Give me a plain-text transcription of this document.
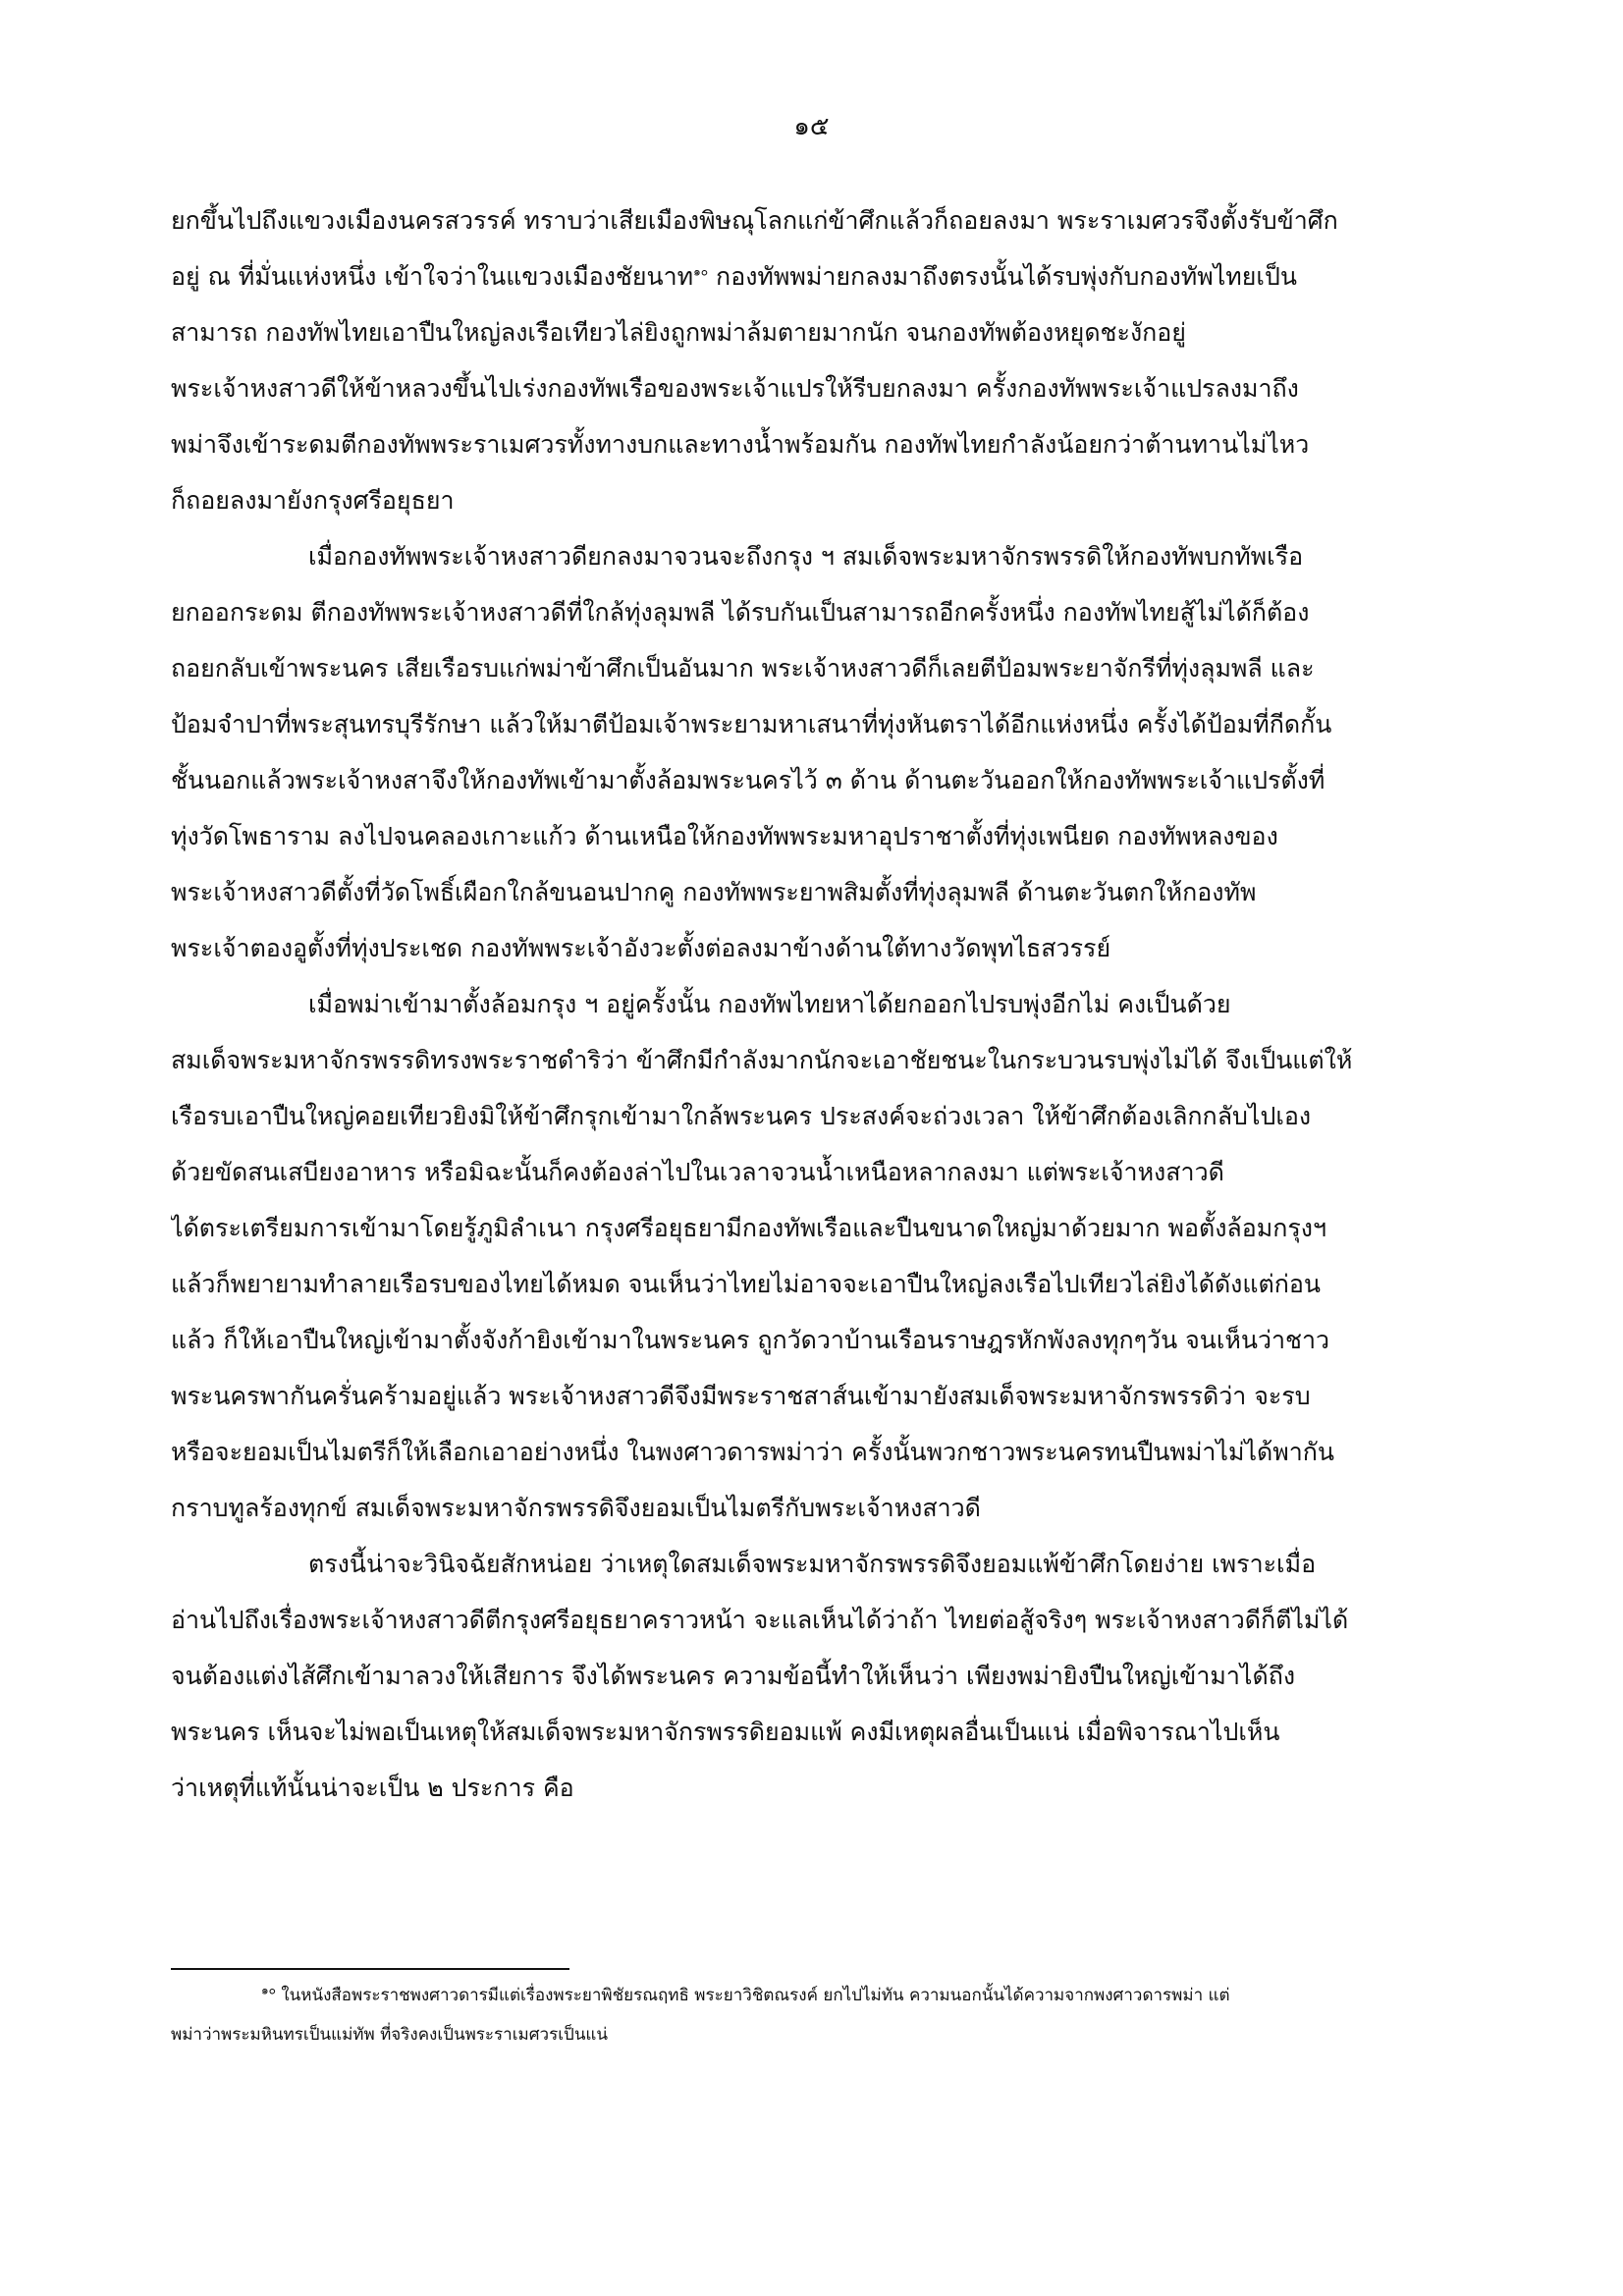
๑๕
ยกขึ้นไปถึงแขวงเมืองนครสวรรค์ ทราบว่าเสียเมืองพิษณุโลกแก่ข้าศึกแล้วก็ถอยลงมา พระราเมศวรจึงตั้งรับข้าศึก
อยู่ ณ ที่มั่นแห่งหนึ่ง เข้าใจว่าในแขวงเมืองชัยนาท$^{๑๐}$ กองทัพพม่ายกลงมาถึงตรงนั้นได้รบพุ่งกับกองทัพไทยเป็น
สามารถ กองทัพไทยเอาปืนใหญ่ลงเรือเทียวไล่ยิงถูกพม่าล้มตายมากนัก จนกองทัพต้องหยุดชะงักอยู่
พระเจ้าหงสาวดีให้ข้าหลวงขึ้นไปเร่งกองทัพเรือของพระเจ้าแปรให้รีบยกลงมา ครั้งกองทัพพระเจ้าแปรลงมาถึง
พม่าจึงเข้าระดมตีกองทัพพระราเมศวรทั้งทางบกและทางน้ำพร้อมกัน กองทัพไทยกำลังน้อยกว่าต้านทานไม่ไหว
ก็ถอยลงมายังกรุงศรีอยุธยา
เมื่อกองทัพพระเจ้าหงสาวดียกลงมาจวนจะถึงกรุง ฯ สมเด็จพระมหาจักรพรรดิให้กองทัพบกทัพเรือ
ยกออกระดม ตีกองทัพพระเจ้าหงสาวดีที่ใกล้ทุ่งลุมพลี ได้รบกันเป็นสามารถอีกครั้งหนึ่ง กองทัพไทยสู้ไม่ได้ก็ต้อง
ถอยกลับเข้าพระนคร เสียเรือรบแก่พม่าข้าศึกเป็นอันมาก พระเจ้าหงสาวดีก็เลยตีป้อมพระยาจักรีที่ทุ่งลุมพลี และ
ป้อมจำปาที่พระสุนทรบุรีรักษา แล้วให้มาตีป้อมเจ้าพระยามหาเสนาที่ทุ่งหันตราได้อีกแห่งหนึ่ง ครั้งได้ป้อมที่กีดกั้น
ชั้นนอกแล้วพระเจ้าหงสาจึงให้กองทัพเข้ามาตั้งล้อมพระนครไว้ ๓ ด้าน ด้านตะวันออกให้กองทัพพระเจ้าแปรตั้งที่
ทุ่งวัดโพธาราม ลงไปจนคลองเกาะแก้ว ด้านเหนือให้กองทัพพระมหาอุปราชาตั้งที่ทุ่งเพนียด กองทัพหลงของ
พระเจ้าหงสาวดีตั้งที่วัดโพธิ์เผือกใกล้ขนอนปากคู กองทัพพระยาพสิมตั้งที่ทุ่งลุมพลี ด้านตะวันตกให้กองทัพ
พระเจ้าตองอูตั้งที่ทุ่งประเชด กองทัพพระเจ้าอังวะตั้งต่อลงมาข้างด้านใต้ทางวัดพุทไธสวรรย์
เมื่อพม่าเข้ามาตั้งล้อมกรุง ฯ อยู่ครั้งนั้น กองทัพไทยหาได้ยกออกไปรบพุ่งอีกไม่ คงเป็นด้วย
สมเด็จพระมหาจักรพรรดิทรงพระราชดำริว่า ข้าศึกมีกำลังมากนักจะเอาชัยชนะในกระบวนรบพุ่งไม่ได้ จึงเป็นแต่ให้
เรือรบเอาปืนใหญ่คอยเทียวยิงมิให้ข้าศึกรุกเข้ามาใกล้พระนคร ประสงค์จะถ่วงเวลา ให้ข้าศึกต้องเลิกกลับไปเอง
ด้วยขัดสนเสบียงอาหาร หรือมิฉะนั้นก็คงต้องล่าไปในเวลาจวนน้ำเหนือหลากลงมา แต่พระเจ้าหงสาวดี
ได้ตระเตรียมการเข้ามาโดยรู้ภูมิลำเนา กรุงศรีอยุธยามีกองทัพเรือและปืนขนาดใหญ่มาด้วยมาก พอตั้งล้อมกรุงฯ
แล้วก็พยายามทำลายเรือรบของไทยได้หมด จนเห็นว่าไทยไม่อาจจะเอาปืนใหญ่ลงเรือไปเทียวไล่ยิงได้ดังแต่ก่อน
แล้ว ก็ให้เอาปืนใหญ่เข้ามาตั้งจังก้ายิงเข้ามาในพระนคร ถูกวัดวาบ้านเรือนราษฎรหักพังลงทุกๆวัน จนเห็นว่าชาว
พระนครพากันครั่นคร้ามอยู่แล้ว พระเจ้าหงสาวดีจึงมีพระราชสาส์นเข้ามายังสมเด็จพระมหาจักรพรรดิว่า จะรบ
หรือจะยอมเป็นไมตรีก็ให้เลือกเอาอย่างหนึ่ง ในพงศาวดารพม่าว่า ครั้งนั้นพวกชาวพระนครทนปืนพม่าไม่ได้พากัน
กราบทูลร้องทุกข์ สมเด็จพระมหาจักรพรรดิจึงยอมเป็นไมตรีกับพระเจ้าหงสาวดี
ตรงนี้น่าจะวินิจฉัยสักหน่อย ว่าเหตุใดสมเด็จพระมหาจักรพรรดิจึงยอมแพ้ข้าศึกโดยง่าย เพราะเมื่อ
อ่านไปถึงเรื่องพระเจ้าหงสาวดีตีกรุงศรีอยุธยาคราวหน้า จะแลเห็นได้ว่าถ้า ไทยต่อสู้จริงๆ พระเจ้าหงสาวดีก็ตีไม่ได้
จนต้องแต่งไส้ศึกเข้ามาลวงให้เสียการ จึงได้พระนคร ความข้อนี้ทำให้เห็นว่า เพียงพม่ายิงปืนใหญ่เข้ามาได้ถึง
พระนคร เห็นจะไม่พอเป็นเหตุให้สมเด็จพระมหาจักรพรรดิยอมแพ้ คงมีเหตุผลอื่นเป็นแน่ เมื่อพิจารณาไปเห็น
ว่าเหตุที่แท้นั้นน่าจะเป็น ๒ ประการ คือ
$^{๑๐}$ ในหนังสือพระราชพงศาวดารมีแต่เรื่องพระยาพิชัยรณฤทธิ พระยาวิชิตณรงค์ ยกไปไม่ทัน ความนอกนั้นได้ความจากพงศาวดารพม่า แต่
พม่าว่าพระมหินทรเป็นแม่ทัพ ที่จริงคงเป็นพระราเมศวรเป็นแน่
